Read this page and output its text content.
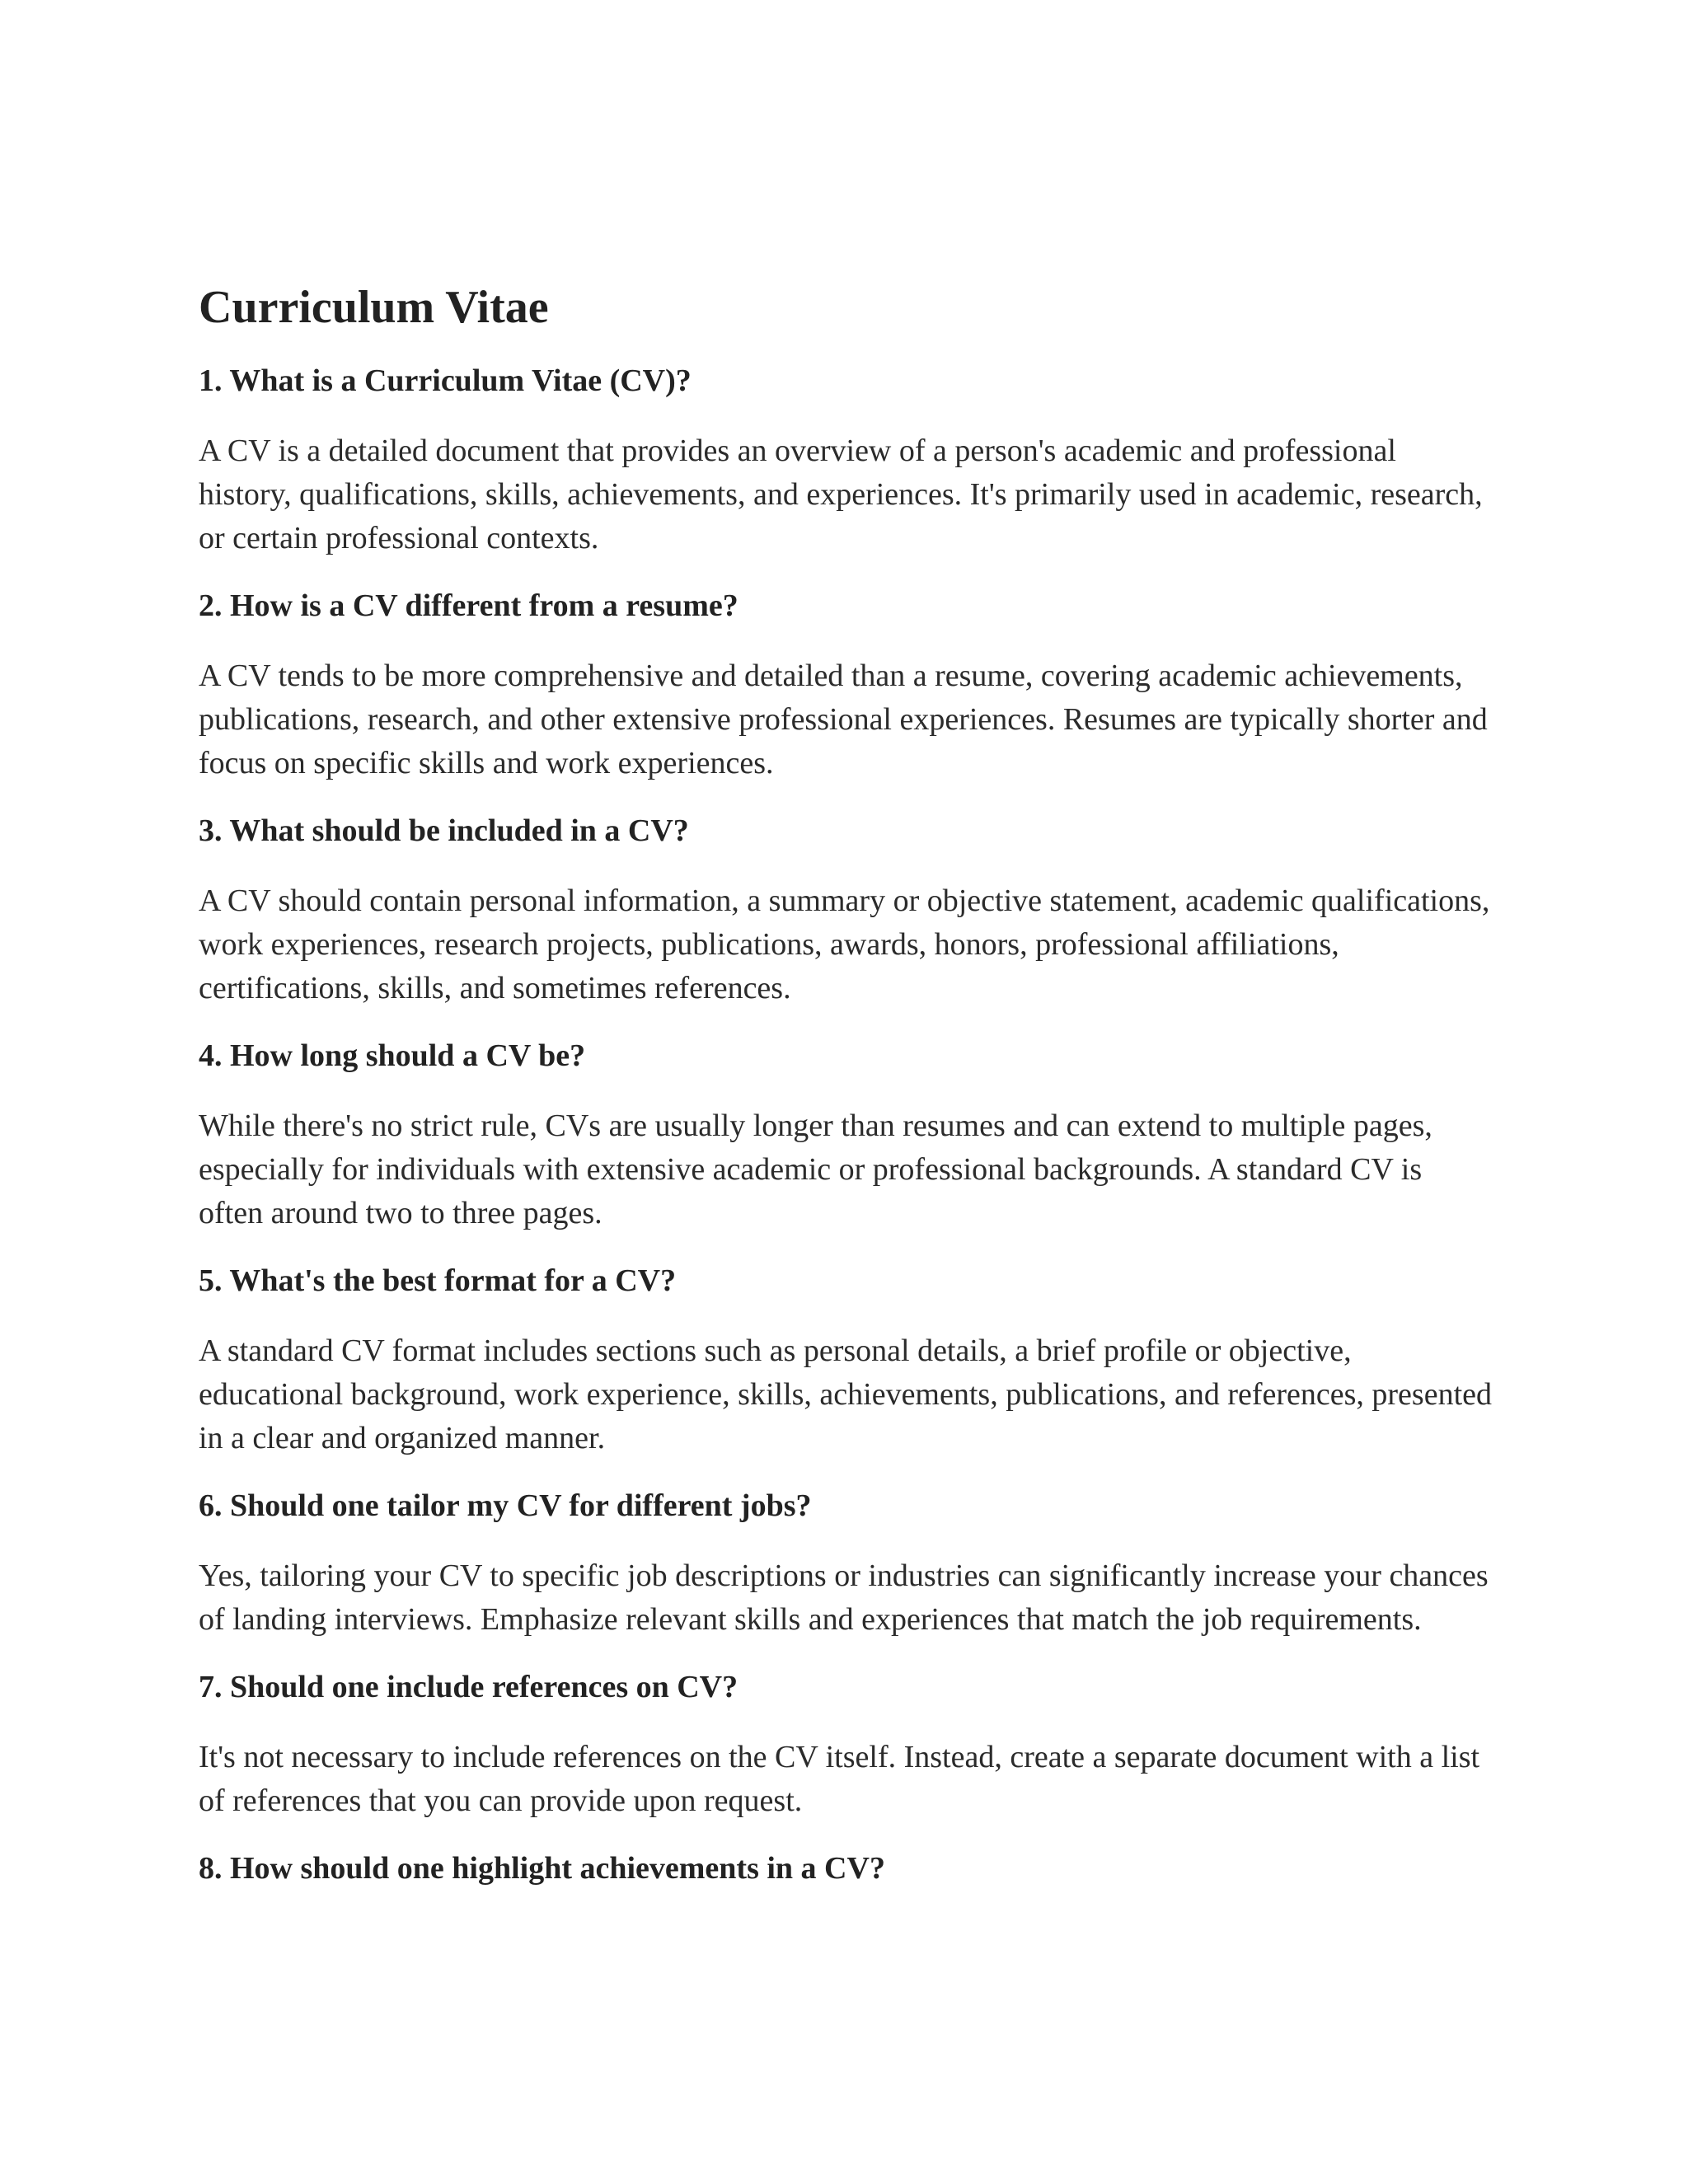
Curriculum Vitae

1. What is a Curriculum Vitae (CV)?

A CV is a detailed document that provides an overview of a person's academic and professional history, qualifications, skills, achievements, and experiences. It's primarily used in academic, research, or certain professional contexts.

2. How is a CV different from a resume?

A CV tends to be more comprehensive and detailed than a resume, covering academic achievements, publications, research, and other extensive professional experiences. Resumes are typically shorter and focus on specific skills and work experiences.

3. What should be included in a CV?

A CV should contain personal information, a summary or objective statement, academic qualifications, work experiences, research projects, publications, awards, honors, professional affiliations, certifications, skills, and sometimes references.

4. How long should a CV be?

While there's no strict rule, CVs are usually longer than resumes and can extend to multiple pages, especially for individuals with extensive academic or professional backgrounds. A standard CV is often around two to three pages.

5. What's the best format for a CV?

A standard CV format includes sections such as personal details, a brief profile or objective, educational background, work experience, skills, achievements, publications, and references, presented in a clear and organized manner.

6. Should one tailor my CV for different jobs?

Yes, tailoring your CV to specific job descriptions or industries can significantly increase your chances of landing interviews. Emphasize relevant skills and experiences that match the job requirements.

7. Should one include references on CV?

It's not necessary to include references on the CV itself. Instead, create a separate document with a list of references that you can provide upon request.

8. How should one highlight achievements in a CV?
